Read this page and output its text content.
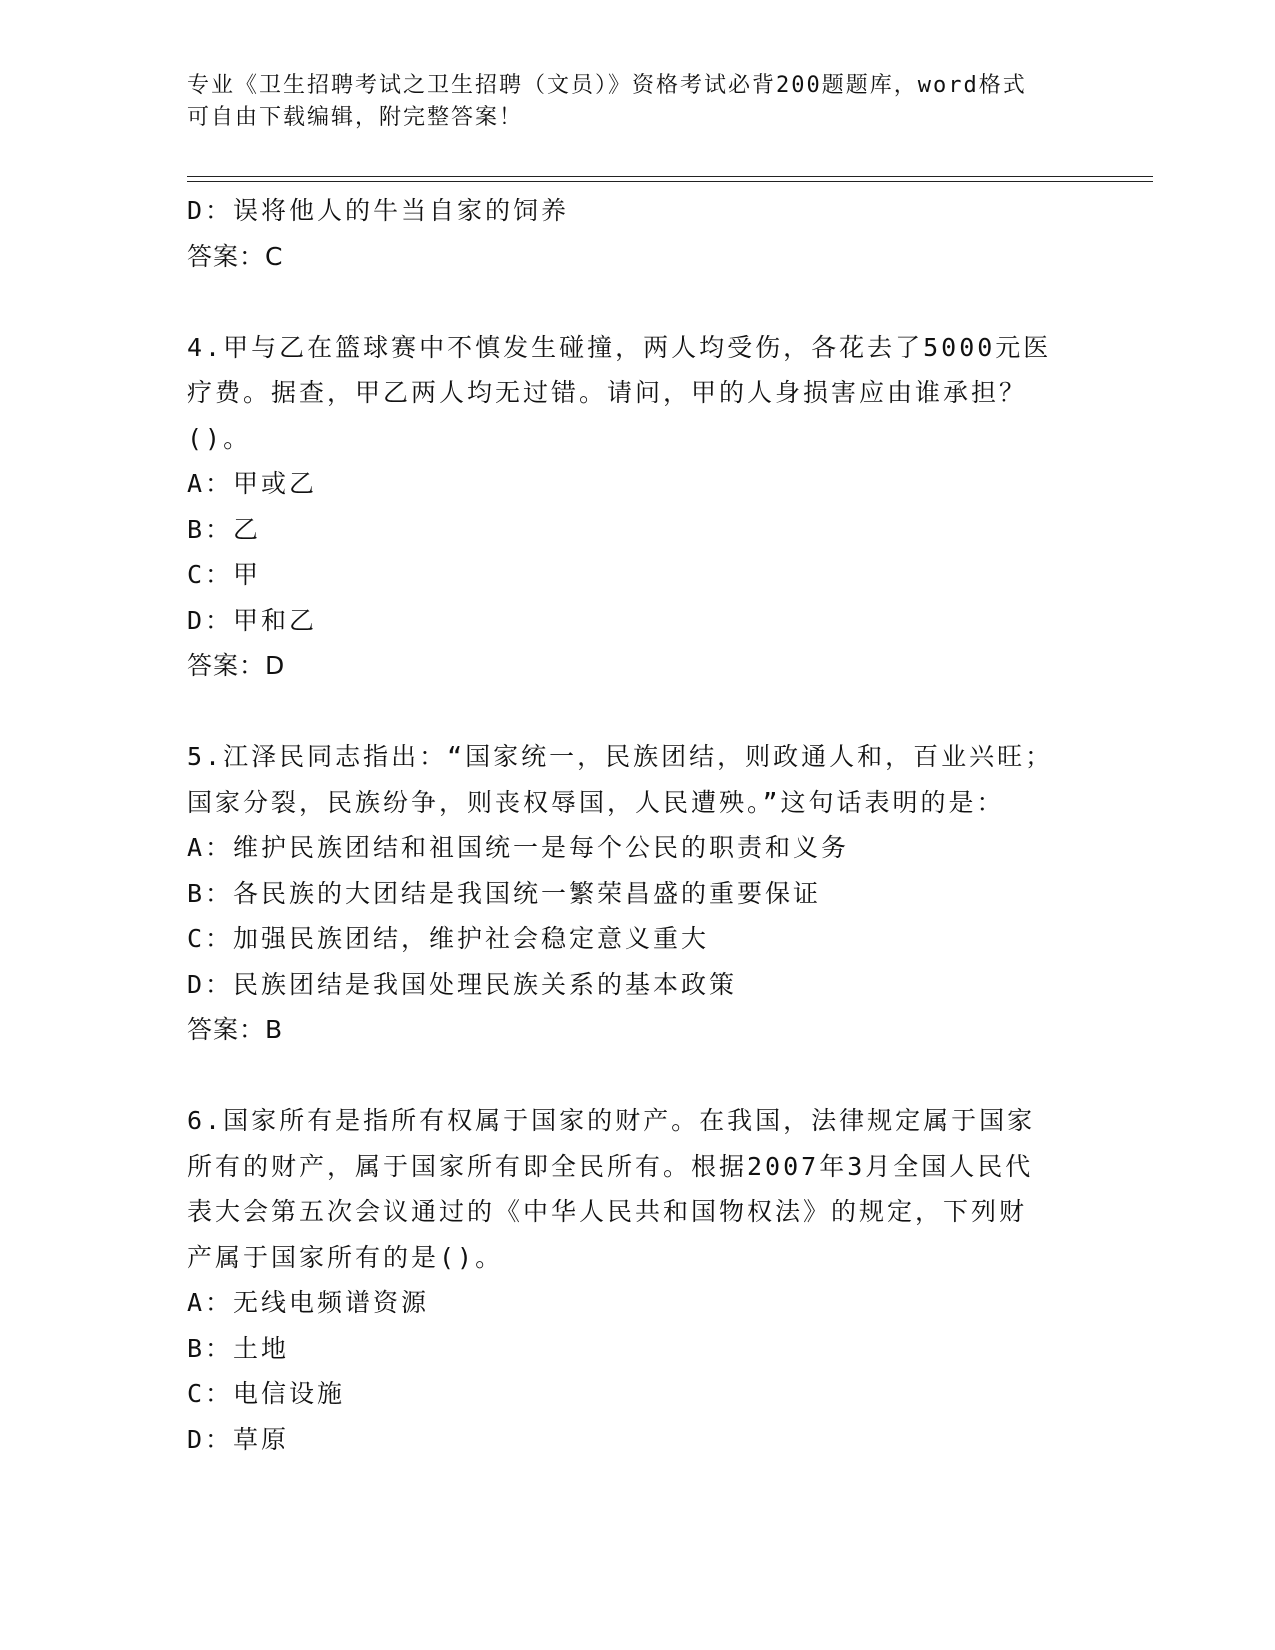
专业《卫生招聘考试之卫生招聘（文员）》资格考试必背200题题库，word格式
可自由下载编辑，附完整答案！
D：误将他人的牛当自家的饲养
答案：C
4.甲与乙在篮球赛中不慎发生碰撞，两人均受伤，各花去了5000元医
疗费。据查，甲乙两人均无过错。请问，甲的人身损害应由谁承担？
()。
A：甲或乙
B：乙
C：甲
D：甲和乙
答案：D
5.江泽民同志指出：“国家统一，民族团结，则政通人和，百业兴旺；
国家分裂，民族纷争，则丧权辱国，人民遭殃。”这句话表明的是：
A：维护民族团结和祖国统一是每个公民的职责和义务
B：各民族的大团结是我国统一繁荣昌盛的重要保证
C：加强民族团结，维护社会稳定意义重大
D：民族团结是我国处理民族关系的基本政策
答案：B
6.国家所有是指所有权属于国家的财产。在我国，法律规定属于国家
所有的财产，属于国家所有即全民所有。根据2007年3月全国人民代
表大会第五次会议通过的《中华人民共和国物权法》的规定，下列财
产属于国家所有的是()。
A：无线电频谱资源
B：土地
C：电信设施
D：草原
